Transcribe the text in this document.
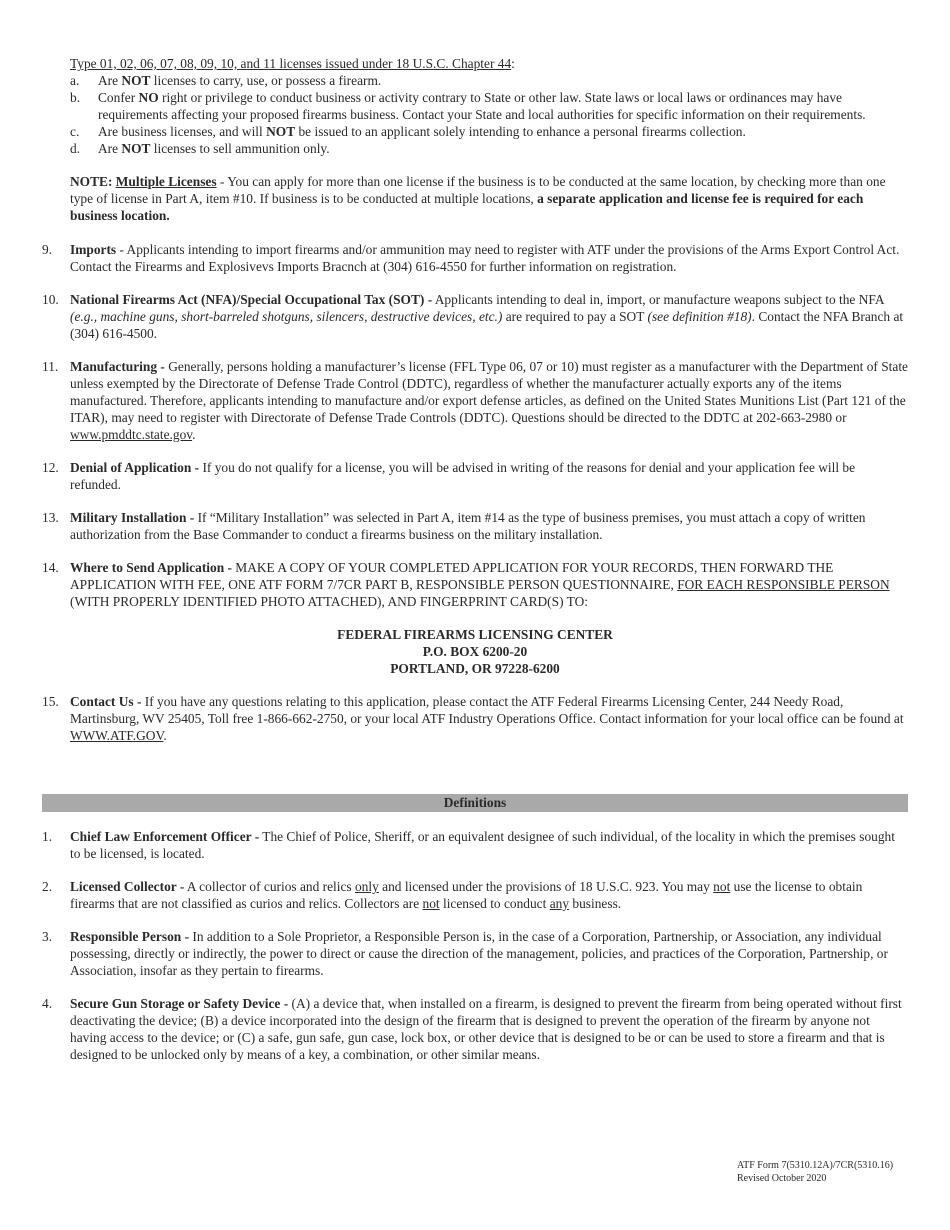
Type 01, 02, 06, 07, 08, 09, 10, and 11 licenses issued under 18 U.S.C. Chapter 44:
a. Are NOT licenses to carry, use, or possess a firearm.
b. Confer NO right or privilege to conduct business or activity contrary to State or other law. State laws or local laws or ordinances may have requirements affecting your proposed firearms business. Contact your State and local authorities for specific information on their requirements.
c. Are business licenses, and will NOT be issued to an applicant solely intending to enhance a personal firearms collection.
d. Are NOT licenses to sell ammunition only.
NOTE: Multiple Licenses - You can apply for more than one license if the business is to be conducted at the same location, by checking more than one type of license in Part A, item #10. If business is to be conducted at multiple locations, a separate application and license fee is required for each business location.
9. Imports - Applicants intending to import firearms and/or ammunition may need to register with ATF under the provisions of the Arms Export Control Act. Contact the Firearms and Explosivevs Imports Bracnch at (304) 616-4550 for further information on registration.
10. National Firearms Act (NFA)/Special Occupational Tax (SOT) - Applicants intending to deal in, import, or manufacture weapons subject to the NFA (e.g., machine guns, short-barreled shotguns, silencers, destructive devices, etc.) are required to pay a SOT (see definition #18). Contact the NFA Branch at (304) 616-4500.
11. Manufacturing - Generally, persons holding a manufacturer’s license (FFL Type 06, 07 or 10) must register as a manufacturer with the Department of State unless exempted by the Directorate of Defense Trade Control (DDTC), regardless of whether the manufacturer actually exports any of the items manufactured. Therefore, applicants intending to manufacture and/or export defense articles, as defined on the United States Munitions List (Part 121 of the ITAR), may need to register with Directorate of Defense Trade Controls (DDTC). Questions should be directed to the DDTC at 202-663-2980 or www.pmddtc.state.gov.
12. Denial of Application - If you do not qualify for a license, you will be advised in writing of the reasons for denial and your application fee will be refunded.
13. Military Installation - If “Military Installation” was selected in Part A, item #14 as the type of business premises, you must attach a copy of written authorization from the Base Commander to conduct a firearms business on the military installation.
14. Where to Send Application - MAKE A COPY OF YOUR COMPLETED APPLICATION FOR YOUR RECORDS, THEN FORWARD THE APPLICATION WITH FEE, ONE ATF FORM 7/7CR PART B, RESPONSIBLE PERSON QUESTIONNAIRE, FOR EACH RESPONSIBLE PERSON (WITH PROPERLY IDENTIFIED PHOTO ATTACHED), AND FINGERPRINT CARD(S) TO:
FEDERAL FIREARMS LICENSING CENTER
P.O. BOX 6200-20
PORTLAND, OR 97228-6200
15. Contact Us - If you have any questions relating to this application, please contact the ATF Federal Firearms Licensing Center, 244 Needy Road, Martinsburg, WV 25405, Toll free 1-866-662-2750, or your local ATF Industry Operations Office. Contact information for your local office can be found at WWW.ATF.GOV.
Definitions
1. Chief Law Enforcement Officer - The Chief of Police, Sheriff, or an equivalent designee of such individual, of the locality in which the premises sought to be licensed, is located.
2. Licensed Collector - A collector of curios and relics only and licensed under the provisions of 18 U.S.C. 923. You may not use the license to obtain firearms that are not classified as curios and relics. Collectors are not licensed to conduct any business.
3. Responsible Person - In addition to a Sole Proprietor, a Responsible Person is, in the case of a Corporation, Partnership, or Association, any individual possessing, directly or indirectly, the power to direct or cause the direction of the management, policies, and practices of the Corporation, Partnership, or Association, insofar as they pertain to firearms.
4. Secure Gun Storage or Safety Device - (A) a device that, when installed on a firearm, is designed to prevent the firearm from being operated without first deactivating the device; (B) a device incorporated into the design of the firearm that is designed to prevent the operation of the firearm by anyone not having access to the device; or (C) a safe, gun safe, gun case, lock box, or other device that is designed to be or can be used to store a firearm and that is designed to be unlocked only by means of a key, a combination, or other similar means.
ATF Form 7(5310.12A)/7CR(5310.16)
Revised October 2020
